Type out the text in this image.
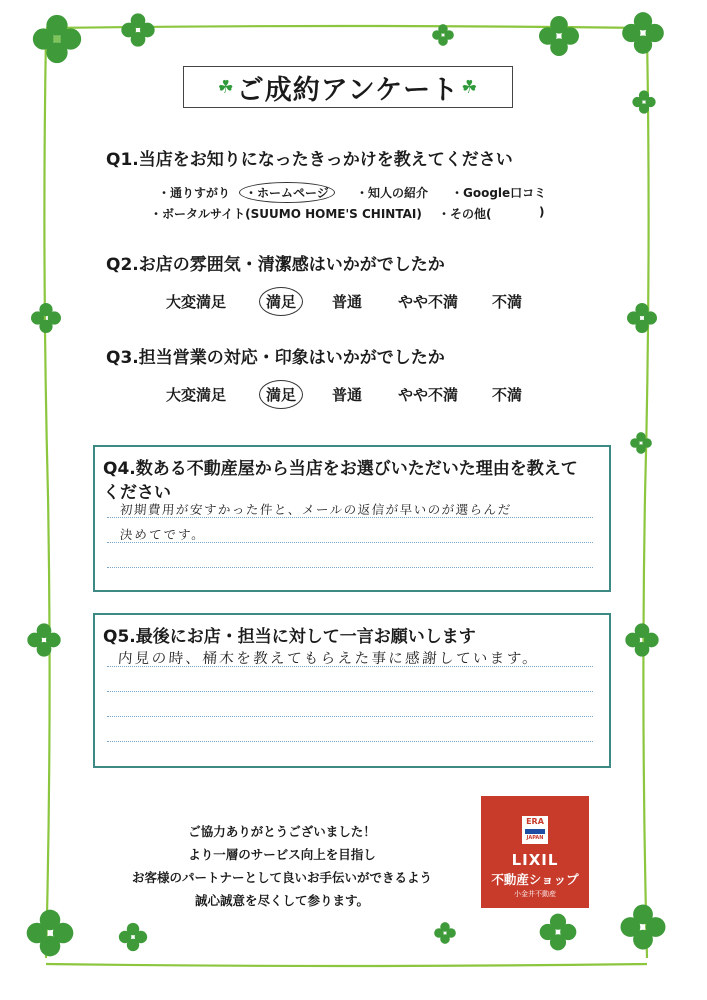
☘ ご成約アンケート ☘
Q1.当店をお知りになったきっかけを教えてください
・通りすがり	・ホームページ	・知人の紹介 ・Google口コミ
・ボータルサイト(SUUMO HOME'S CHINTAI) ・その他(	)
Q2.お店の雰囲気・清潔感はいかがでしたか
大変満足	満足	普通 やや不満 不満
Q3.担当営業の対応・印象はいかがでしたか
大変満足	満足	普通 やや不満 不満
Q4.数ある不動産屋から当店をお選びいただいた理由を教えて
ください
初期費用が安すかった件と、メールの返信が早いのが選らんだ
決めてです。
Q5.最後にお店・担当に対して一言お願いします
内見の時、桶木を教えてもらえた事に感謝しています。
ご協力ありがとうございました！
より一層のサービス向上を目指し
お客様のパートナーとして良いお手伝いができるよう
誠心誠意を尽くして参ります。
ERA
JAPAN
LIXIL
不動産ショップ
小金井不動産
